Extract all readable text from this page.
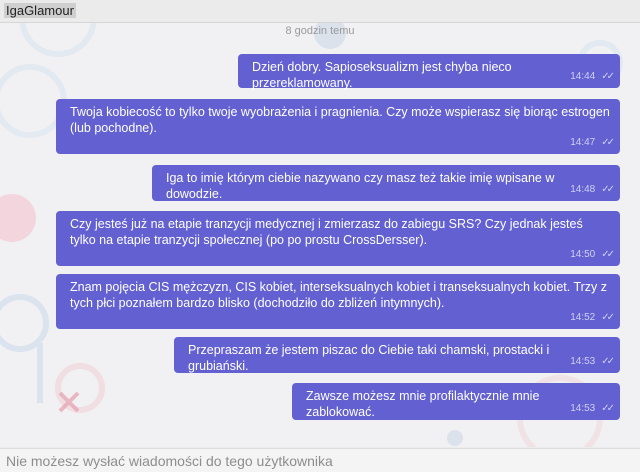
IgaGlamour
8 godzin temu
Dzień dobry. Sapioseksualizm jest chyba nieco przereklamowany.	14:44 ✓✓
Twoja kobiecość to tylko twoje wyobrażenia i pragnienia. Czy może wspierasz się biorąc estrogen (lub pochodne).
14:47 ✓✓
Iga to imię którym ciebie nazywano czy masz też takie imię wpisane w dowodzie.	14:48 ✓✓
Czy jesteś już na etapie tranzycji medycznej i zmierzasz do zabiegu SRS? Czy jednak jesteś tylko na etapie tranzycji społecznej (po po prostu CrossDersser).
14:50 ✓✓
Znam pojęcia CIS mężczyzn, CIS kobiet, interseksualnych kobiet i transeksualnych kobiet. Trzy z tych płci poznałem bardzo blisko (dochodziło do zbliżeń intymnych).
14:52 ✓✓
Przepraszam że jestem piszac do Ciebie taki chamski, prostacki i grubiański.	14:53 ✓✓
Zawsze możesz mnie profilaktycznie mnie zablokować.	14:53 ✓✓
Nie możesz wysłać wiadomości do tego użytkownika
